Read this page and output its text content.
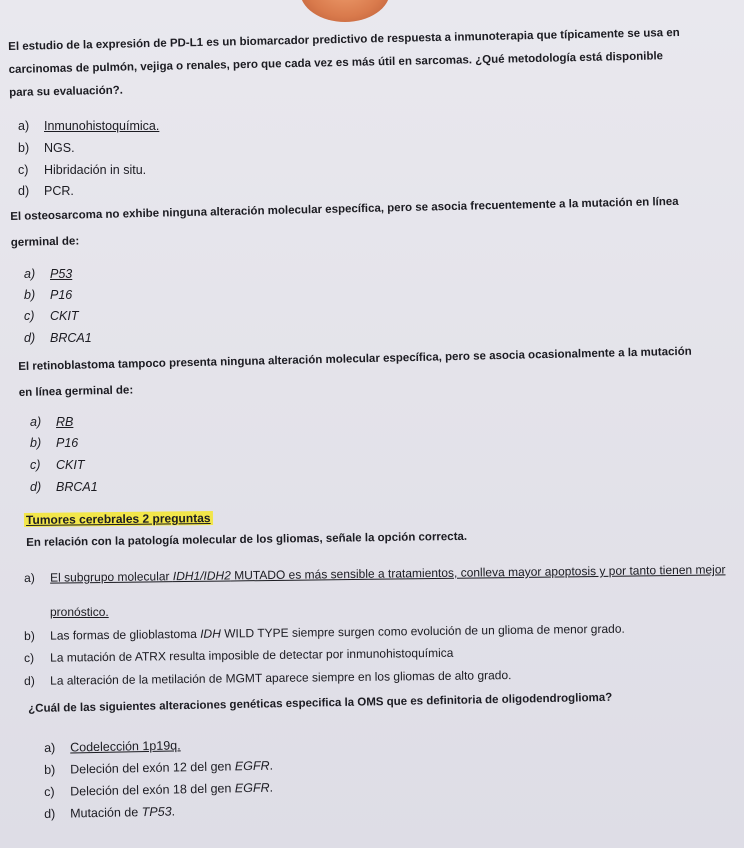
El estudio de la expresión de PD-L1 es un biomarcador predictivo de respuesta a inmunoterapia que típicamente se usa en
carcinomas de pulmón, vejiga o renales, pero que cada vez es más útil en sarcomas. ¿Qué metodología está disponible
para su evaluación?.
a) Inmunohistoquímica.
b) NGS.
c) Hibridación in situ.
d) PCR.
El osteosarcoma no exhibe ninguna alteración molecular específica, pero se asocia frecuentemente a la mutación en línea
germinal de:
a) P53
b) P16
c) CKIT
d) BRCA1
El retinoblastoma tampoco presenta ninguna alteración molecular específica, pero se asocia ocasionalmente a la mutación
en línea germinal de:
a) RB
b) P16
c) CKIT
d) BRCA1
Tumores cerebrales 2 preguntas
En relación con la patología molecular de los gliomas, señale la opción correcta.
a) El subgrupo molecular IDH1/IDH2 MUTADO es más sensible a tratamientos, conlleva mayor apoptosis y por tanto tienen mejor
pronóstico.
b) Las formas de glioblastoma IDH WILD TYPE siempre surgen como evolución de un glioma de menor grado.
c) La mutación de ATRX resulta imposible de detectar por inmunohistoquímica
d) La alteración de la metilación de MGMT aparece siempre en los gliomas de alto grado.
¿Cuál de las siguientes alteraciones genéticas especifica la OMS que es definitoria de oligodendroglioma?
a) Codelección 1p19q.
b) Deleción del exón 12 del gen EGFR.
c) Deleción del exón 18 del gen EGFR.
d) Mutación de TP53.
